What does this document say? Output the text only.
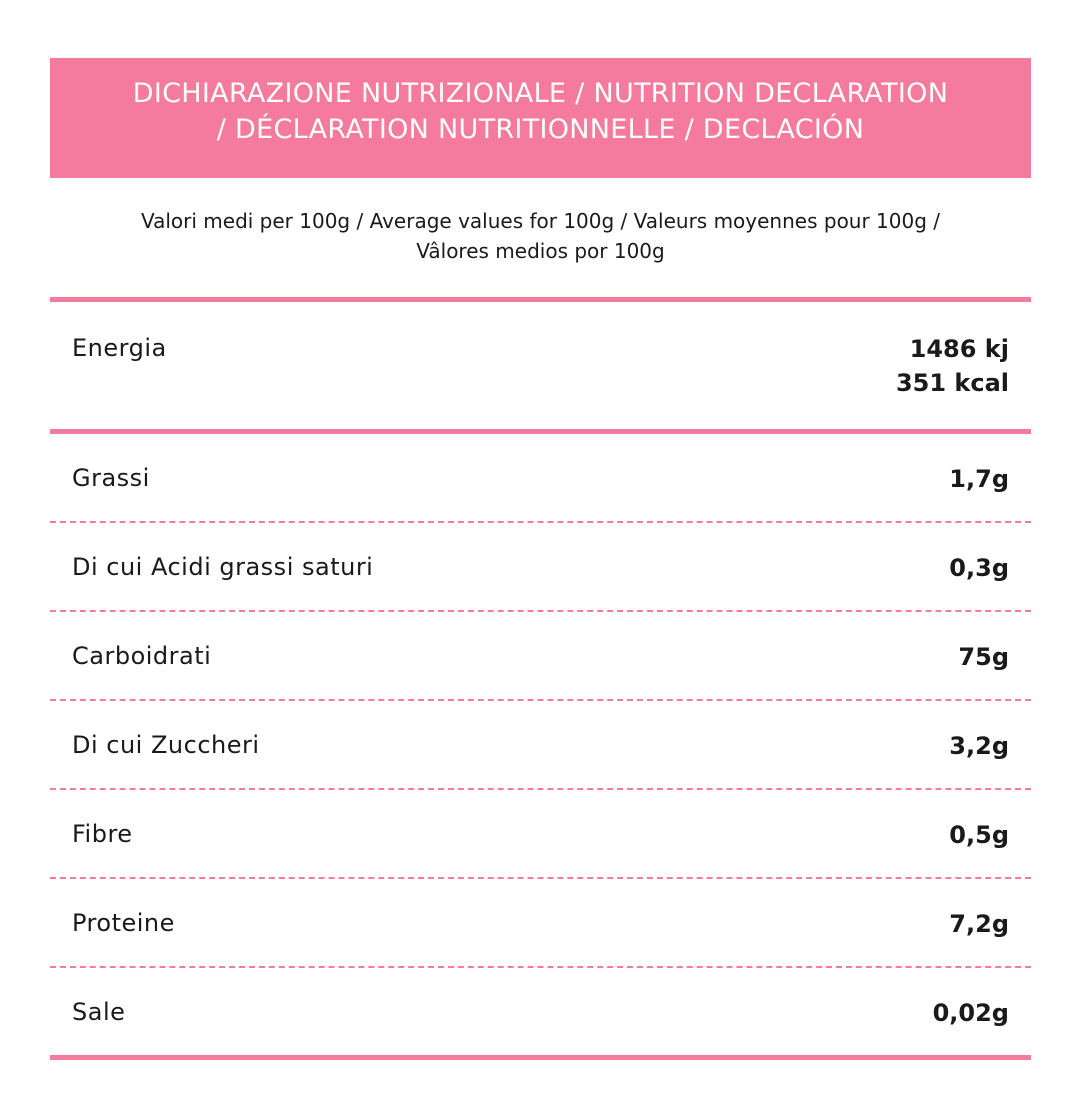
DICHIARAZIONE NUTRIZIONALE / NUTRITION DECLARATION
/ DÉCLARATION NUTRITIONNELLE / DECLACIÓN
Valori medi per 100g / Average values for 100g / Valeurs moyennes pour 100g /
Vâlores medios por 100g
Energia	1486 kj
351 kcal
Grassi	1,7g
Di cui Acidi grassi saturi	0,3g
Carboidrati	75g
Di cui Zuccheri	3,2g
Fibre	0,5g
Proteine	7,2g
Sale	0,02g
